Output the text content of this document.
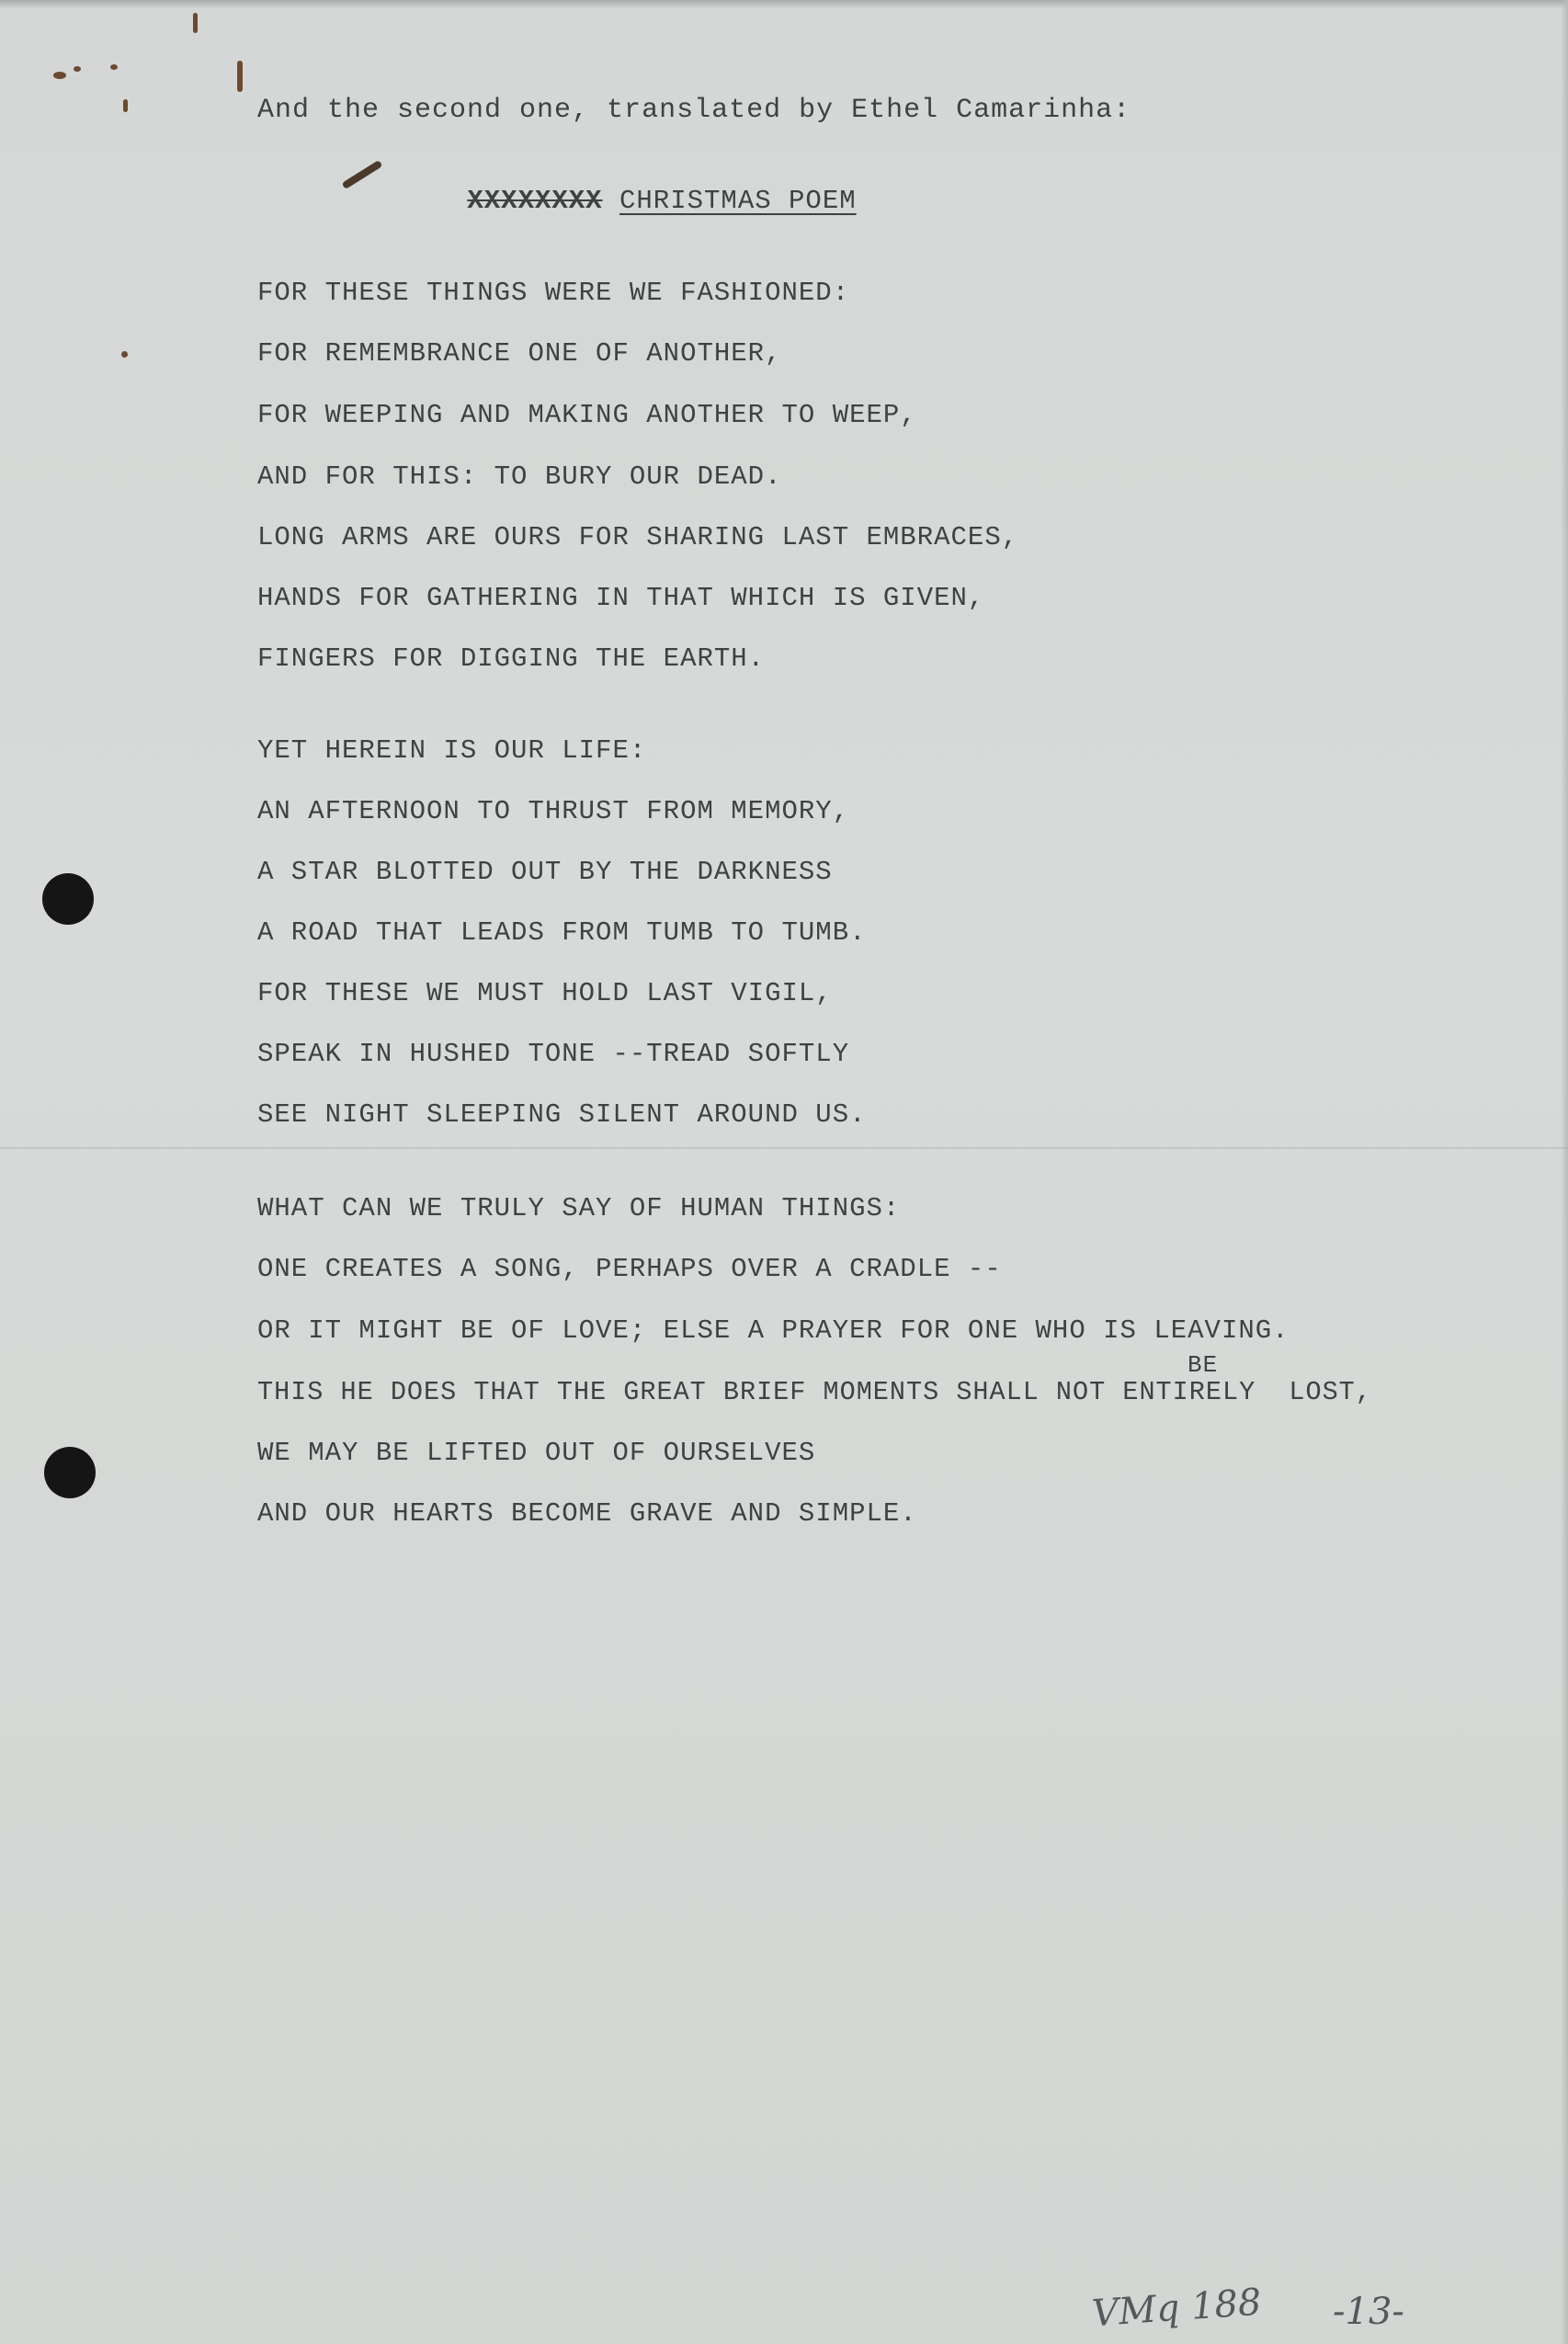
And the second one, translated by Ethel Camarinha:
XXXXXXXX CHRISTMAS POEM
FOR THESE THINGS WERE WE FASHIONED:
FOR REMEMBRANCE ONE OF ANOTHER,
FOR WEEPING AND MAKING ANOTHER TO WEEP,
AND FOR THIS: TO BURY OUR DEAD.
LONG ARMS ARE OURS FOR SHARING LAST EMBRACES,
HANDS FOR GATHERING IN THAT WHICH IS GIVEN,
FINGERS FOR DIGGING THE EARTH.
YET HEREIN IS OUR LIFE:
AN AFTERNOON TO THRUST FROM MEMORY,
A STAR BLOTTED OUT BY THE DARKNESS
A ROAD THAT LEADS FROM TUMB TO TUMB.
FOR THESE WE MUST HOLD LAST VIGIL,
SPEAK IN HUSHED TONE --TREAD SOFTLY
SEE NIGHT SLEEPING SILENT AROUND US.
WHAT CAN WE TRULY SAY OF HUMAN THINGS:
ONE CREATES A SONG, PERHAPS OVER A CRADLE --
OR IT MIGHT BE OF LOVE; ELSE A PRAYER FOR ONE WHO IS LEAVING.
BE
THIS HE DOES THAT THE GREAT BRIEF MOMENTS SHALL NOT ENTIRELY  LOST,
WE MAY BE LIFTED OUT OF OURSELVES
AND OUR HEARTS BECOME GRAVE AND SIMPLE.
VMq 188 -13-
